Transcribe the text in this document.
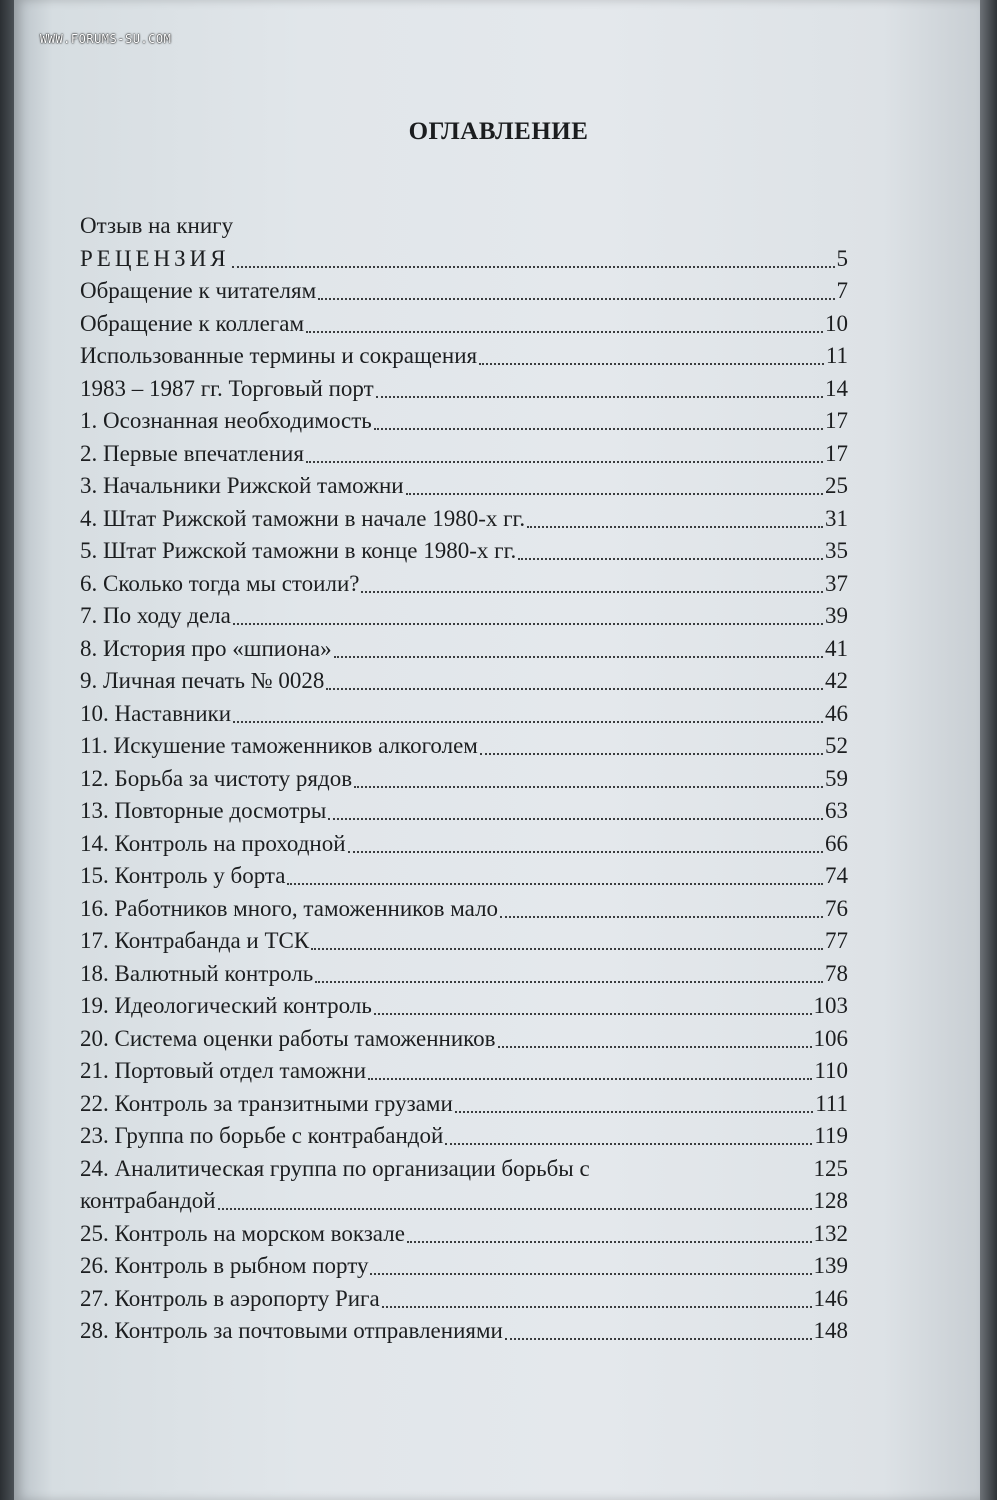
WWW.FORUMS-SU.COM
ОГЛАВЛЕНИЕ
Отзыв на книгу
РЕЦЕНЗИЯ	5
Обращение к читателям	7
Обращение к коллегам	10
Использованные термины и сокращения	11
1983 – 1987 гг. Торговый порт	14
1. Осознанная необходимость	17
2. Первые впечатления	17
3. Начальники Рижской таможни	25
4. Штат Рижской таможни в начале 1980-х гг.	31
5. Штат Рижской таможни в конце 1980-х гг.	35
6. Сколько тогда мы стоили?	37
7. По ходу дела	39
8. История про «шпиона»	41
9. Личная печать № 0028	42
10. Наставники	46
11. Искушение таможенников алкоголем	52
12. Борьба за чистоту рядов	59
13. Повторные досмотры	63
14. Контроль на проходной	66
15. Контроль у борта	74
16. Работников много, таможенников мало	76
17. Контрабанда и ТСК	77
18. Валютный контроль	78
19. Идеологический контроль	103
20. Система оценки работы таможенников	106
21. Портовый отдел таможни	110
22. Контроль за транзитными грузами	111
23. Группа по борьбе с контрабандой	119
24. Аналитическая группа по организации борьбы с	125
контрабандой	128
25. Контроль на морском вокзале	132
26. Контроль в рыбном порту	139
27. Контроль в аэропорту Рига	146
28. Контроль за почтовыми отправлениями	148
